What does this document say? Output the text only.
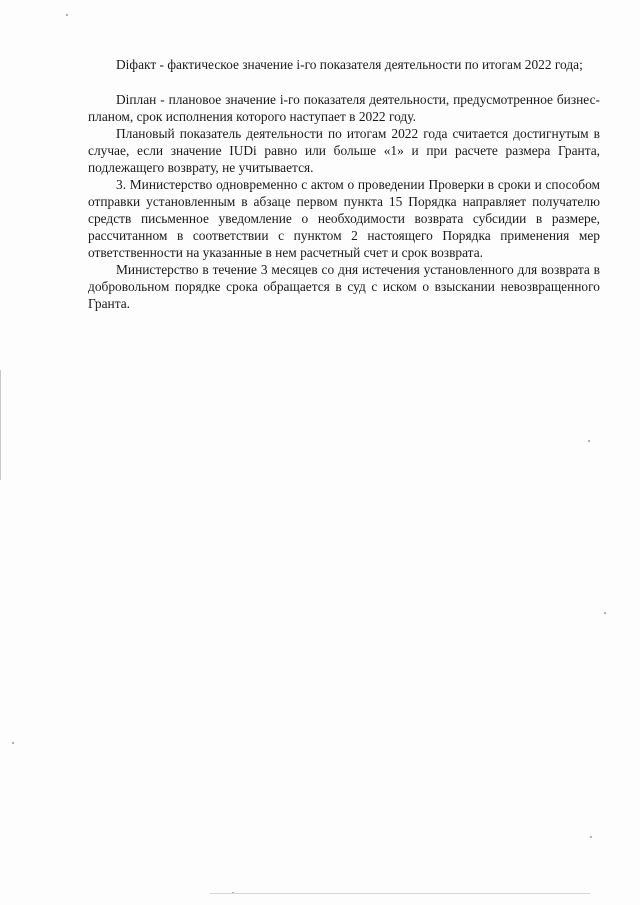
Diфакт - фактическое значение i-го показателя деятельности по итогам 2022 года;

Diплан - плановое значение i-го показателя деятельности, предусмотренное бизнес-планом, срок исполнения которого наступает в 2022 году.

Плановый показатель деятельности по итогам 2022 года считается достигнутым в случае, если значение IUDi равно или больше «1» и при расчете размера Гранта, подлежащего возврату, не учитывается.

3. Министерство одновременно с актом о проведении Проверки в сроки и способом отправки установленным в абзаце первом пункта 15 Порядка направляет получателю средств письменное уведомление о необходимости возврата субсидии в размере, рассчитанном в соответствии с пунктом 2 настоящего Порядка применения мер ответственности на указанные в нем расчетный счет и срок возврата.

Министерство в течение 3 месяцев со дня истечения установленного для возврата в добровольном порядке срока обращается в суд с иском о взыскании невозвращенного Гранта.
